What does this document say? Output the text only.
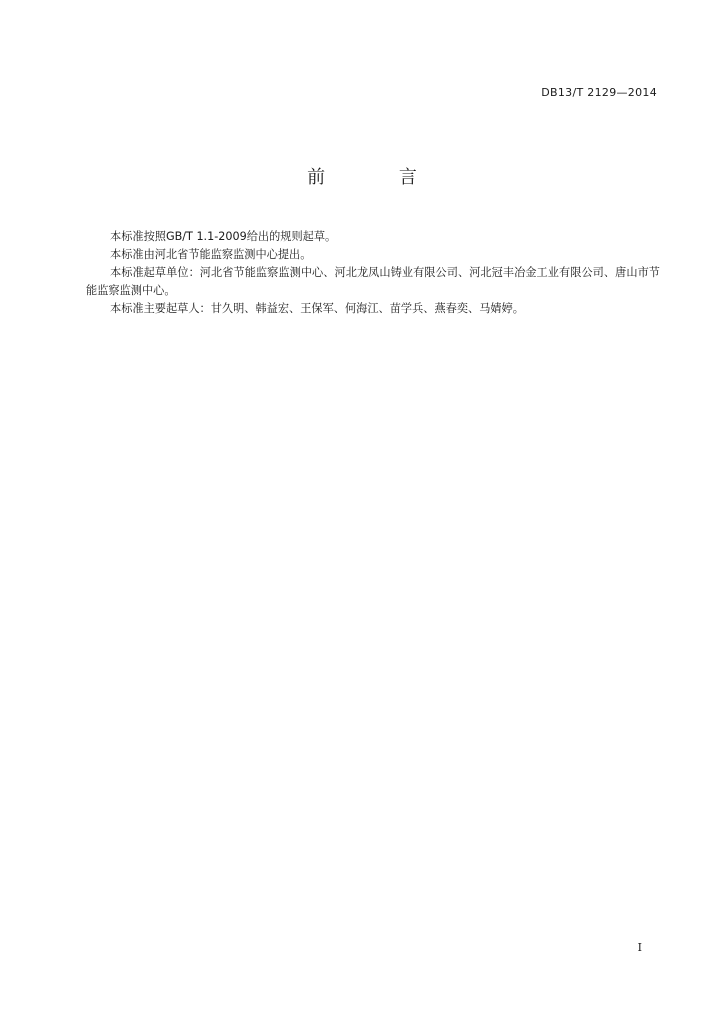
DB13/T 2129—2014
前 言

本标准按照GB/T 1.1-2009给出的规则起草。

本标准由河北省节能监察监测中心提出。

本标准起草单位：河北省节能监察监测中心、河北龙凤山铸业有限公司、河北冠丰冶金工业有限公司、唐山市节能监察监测中心。

本标准主要起草人：甘久明、韩益宏、王保军、何海江、苗学兵、燕春奕、马婧婷。

I
